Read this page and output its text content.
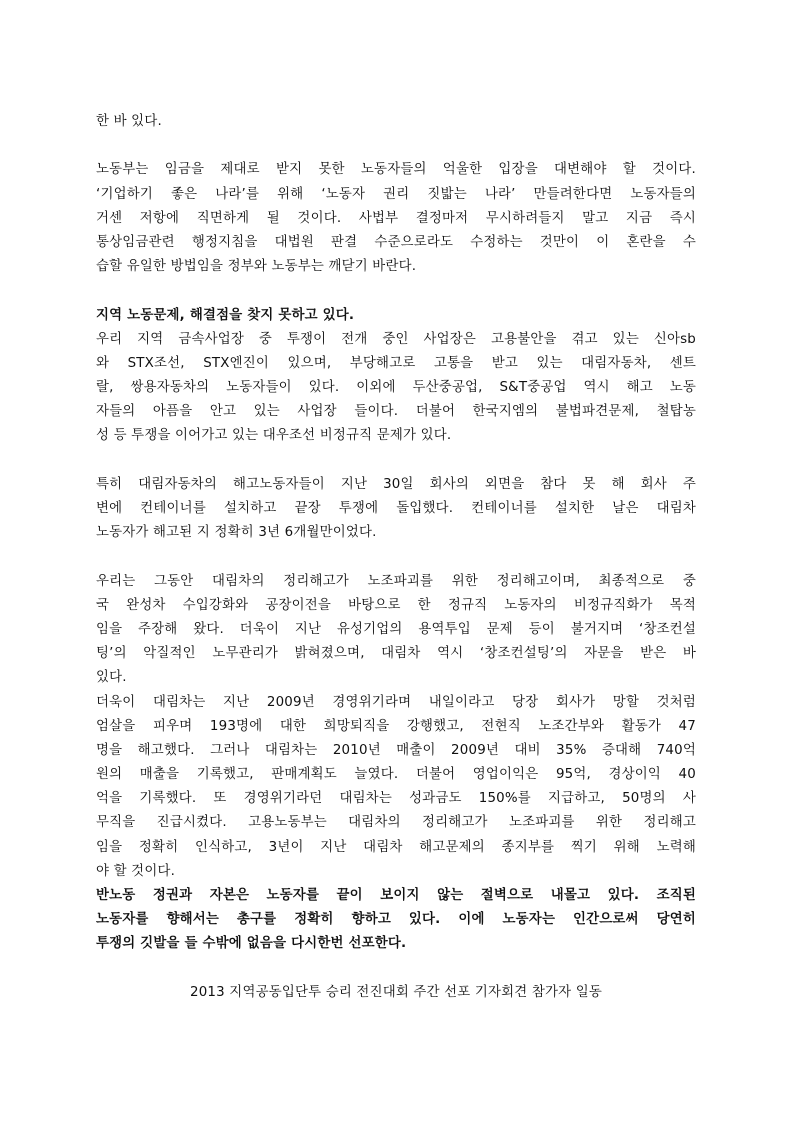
한 바 있다.
노동부는 임금을 제대로 받지 못한 노동자들의 억울한 입장을 대변해야 할 것이다.
‘기업하기 좋은 나라’를 위해 ‘노동자 권리 짓밟는 나라’ 만들려한다면 노동자들의
거센 저항에 직면하게 될 것이다. 사법부 결정마저 무시하려들지 말고 지금 즉시
통상임금관련 행정지침을 대법원 판결 수준으로라도 수정하는 것만이 이 혼란을 수
습할 유일한 방법임을 정부와 노동부는 깨닫기 바란다.
지역 노동문제, 해결점을 찾지 못하고 있다.
우리 지역 금속사업장 중 투쟁이 전개 중인 사업장은 고용불안을 겪고 있는 신아sb
와 STX조선, STX엔진이 있으며, 부당해고로 고통을 받고 있는 대림자동차, 센트
랄, 쌍용자동차의 노동자들이 있다. 이외에 두산중공업, S&T중공업 역시 해고 노동
자들의 아픔을 안고 있는 사업장 들이다. 더불어 한국지엠의 불법파견문제, 철탑농
성 등 투쟁을 이어가고 있는 대우조선 비정규직 문제가 있다.
특히 대림자동차의 해고노동자들이 지난 30일 회사의 외면을 참다 못 해 회사 주
변에 컨테이너를 설치하고 끝장 투쟁에 돌입했다. 컨테이너를 설치한 날은 대림차
노동자가 해고된 지 정확히 3년 6개월만이었다.
우리는 그동안 대림차의 정리해고가 노조파괴를 위한 정리해고이며, 최종적으로 중
국 완성차 수입강화와 공장이전을 바탕으로 한 정규직 노동자의 비정규직화가 목적
임을 주장해 왔다. 더욱이 지난 유성기업의 용역투입 문제 등이 불거지며 ‘창조컨설
팅’의 악질적인 노무관리가 밝혀졌으며, 대림차 역시 ‘창조컨설팅’의 자문을 받은 바
있다.
더욱이 대림차는 지난 2009년 경영위기라며 내일이라고 당장 회사가 망할 것처럼
엄살을 피우며 193명에 대한 희망퇴직을 강행했고, 전현직 노조간부와 활동가 47
명을 해고했다. 그러나 대림차는 2010년 매출이 2009년 대비 35% 증대해 740억
원의 매출을 기록했고, 판매계획도 늘였다. 더불어 영업이익은 95억, 경상이익 40
억을 기록했다. 또 경영위기라던 대림차는 성과금도 150%를 지급하고, 50명의 사
무직을 진급시켰다. 고용노동부는 대림차의 정리해고가 노조파괴를 위한 정리해고
임을 정확히 인식하고, 3년이 지난 대림차 해고문제의 종지부를 찍기 위해 노력해
야 할 것이다.
반노동 정권과 자본은 노동자를 끝이 보이지 않는 절벽으로 내몰고 있다. 조직된
노동자를 향해서는 총구를 정확히 향하고 있다. 이에 노동자는 인간으로써 당연히
투쟁의 깃발을 들 수밖에 없음을 다시한번 선포한다.
2013 지역공동입단투 승리 전진대회 주간 선포 기자회견 참가자 일동
